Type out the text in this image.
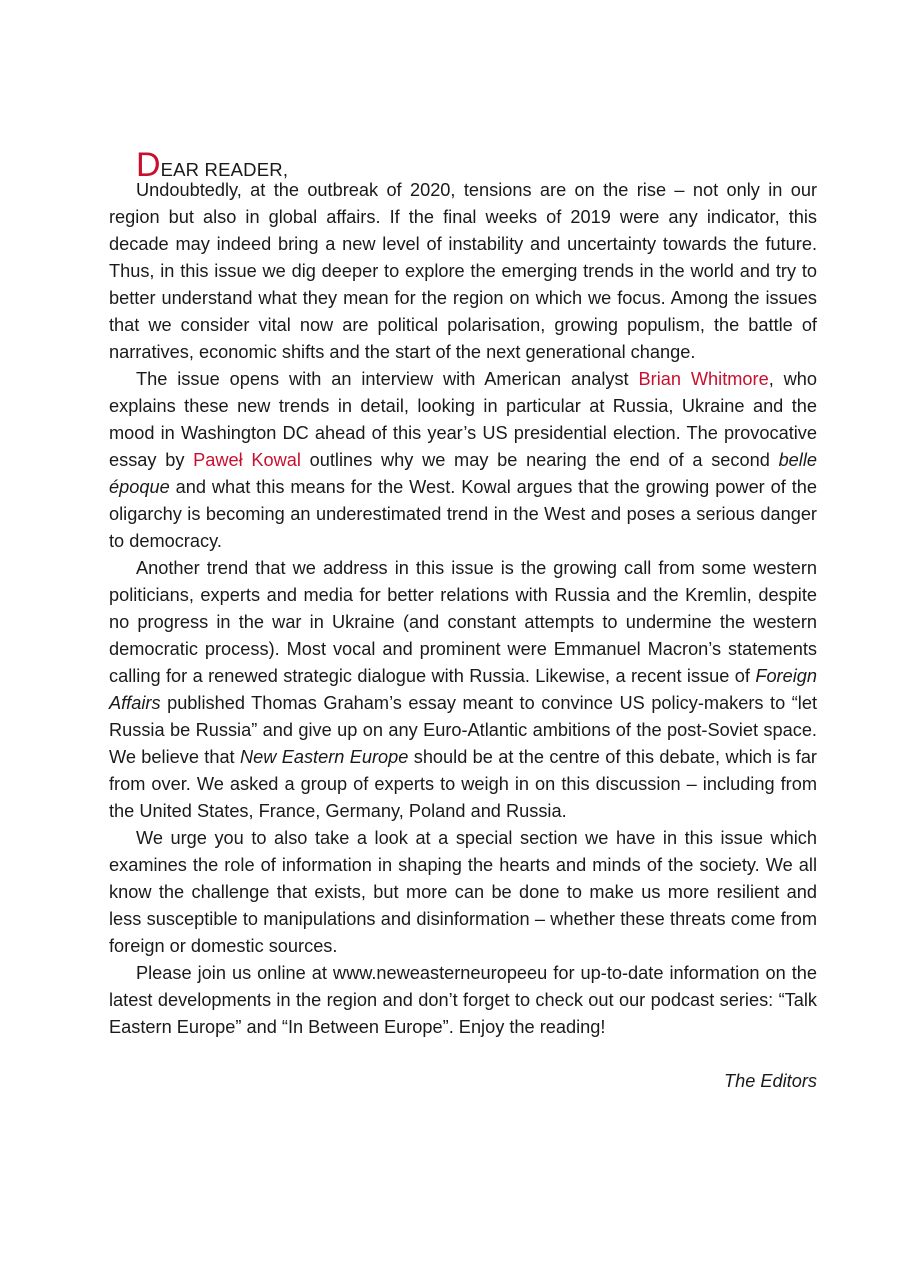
DEAR READER,

Undoubtedly, at the outbreak of 2020, tensions are on the rise – not only in our region but also in global affairs. If the final weeks of 2019 were any indicator, this decade may indeed bring a new level of instability and uncertainty towards the future. Thus, in this issue we dig deeper to explore the emerging trends in the world and try to better understand what they mean for the region on which we focus. Among the issues that we consider vital now are political polarisation, growing populism, the battle of narratives, economic shifts and the start of the next generational change.

The issue opens with an interview with American analyst Brian Whitmore, who explains these new trends in detail, looking in particular at Russia, Ukraine and the mood in Washington DC ahead of this year’s US presidential election. The provocative essay by Paweł Kowal outlines why we may be nearing the end of a second belle époque and what this means for the West. Kowal argues that the growing power of the oligarchy is becoming an underestimated trend in the West and poses a serious danger to democracy.

Another trend that we address in this issue is the growing call from some western politicians, experts and media for better relations with Russia and the Kremlin, despite no progress in the war in Ukraine (and constant attempts to undermine the western democratic process). Most vocal and prominent were Emmanuel Macron’s statements calling for a renewed strategic dialogue with Russia. Likewise, a recent issue of Foreign Affairs published Thomas Graham’s essay meant to convince US policy-makers to “let Russia be Russia” and give up on any Euro-Atlantic ambitions of the post-Soviet space. We believe that New Eastern Europe should be at the centre of this debate, which is far from over. We asked a group of experts to weigh in on this discussion – including from the United States, France, Germany, Poland and Russia.

We urge you to also take a look at a special section we have in this issue which examines the role of information in shaping the hearts and minds of the society. We all know the challenge that exists, but more can be done to make us more resilient and less susceptible to manipulations and disinformation – whether these threats come from foreign or domestic sources.

Please join us online at www.neweasterneuropeeu for up-to-date information on the latest developments in the region and don’t forget to check out our podcast series: “Talk Eastern Europe” and “In Between Europe”. Enjoy the reading!

The Editors
